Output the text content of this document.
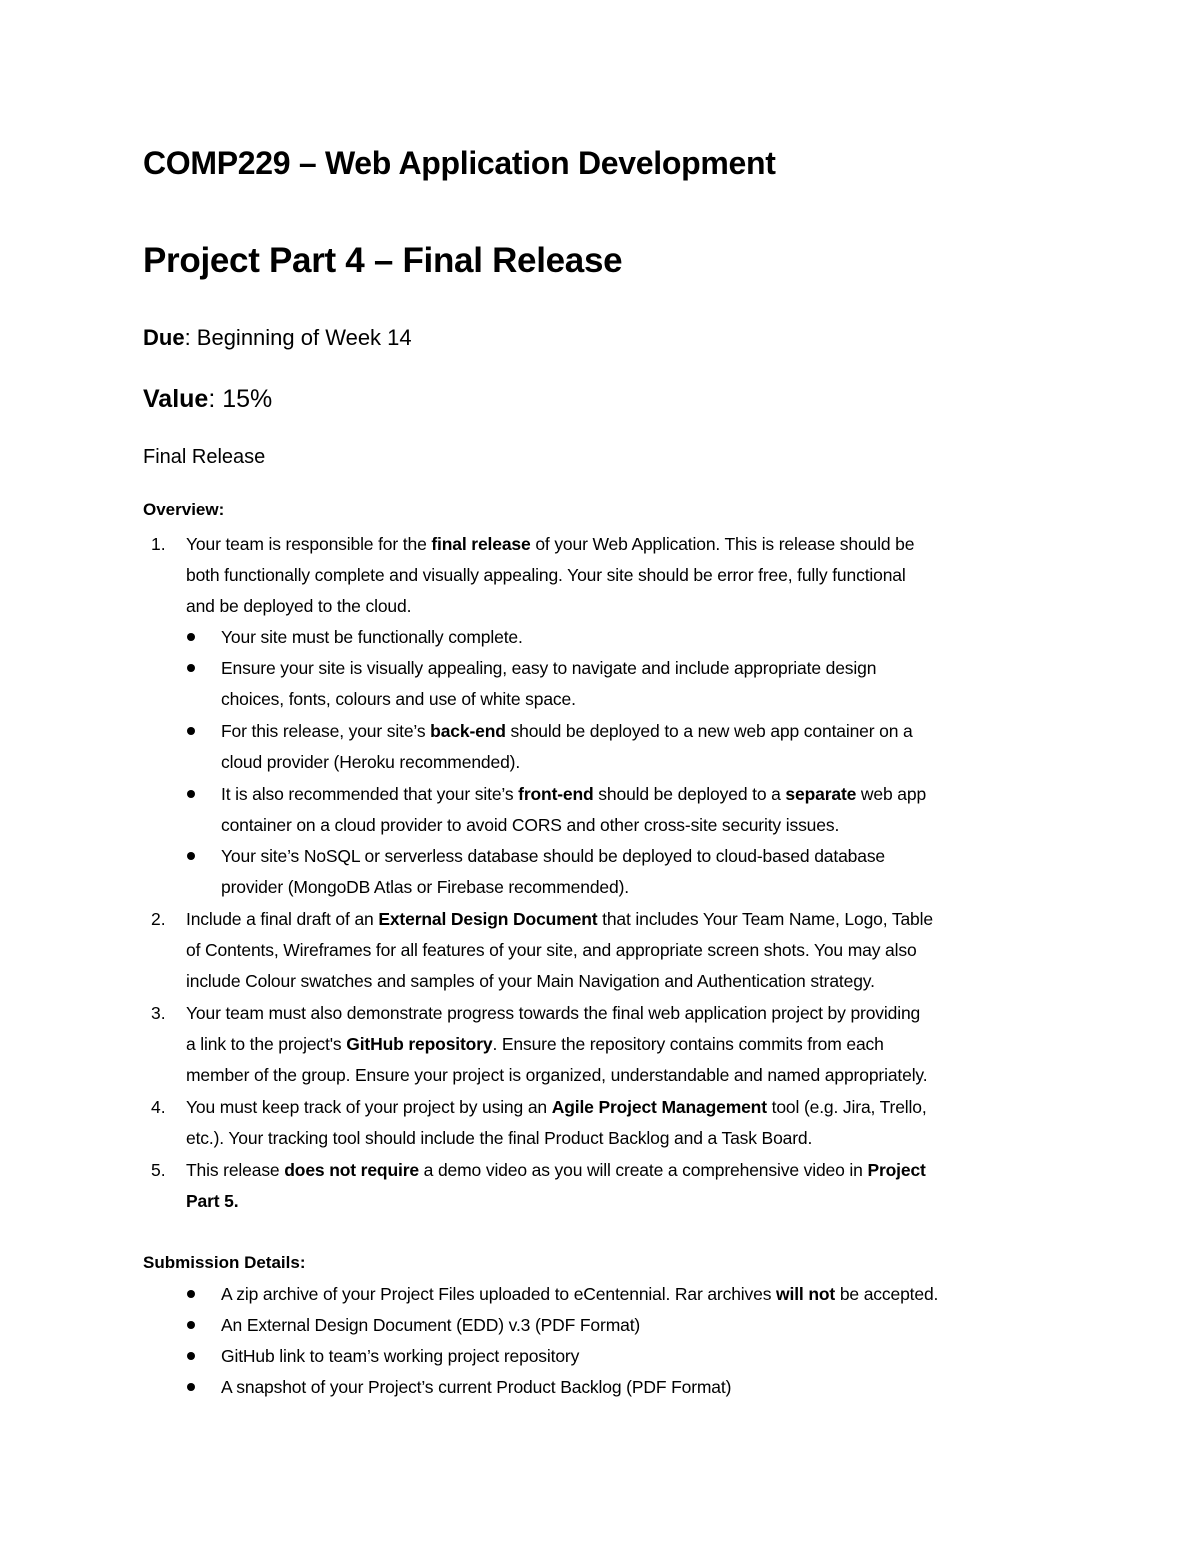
COMP229 – Web Application Development
Project Part 4 – Final Release
Due: Beginning of Week 14
Value: 15%
Final Release
Overview:
1. Your team is responsible for the final release of your Web Application. This is release should be
both functionally complete and visually appealing. Your site should be error free, fully functional
and be deployed to the cloud.
Your site must be functionally complete.
Ensure your site is visually appealing, easy to navigate and include appropriate design
choices, fonts, colours and use of white space.
For this release, your site’s back-end should be deployed to a new web app container on a
cloud provider (Heroku recommended).
It is also recommended that your site’s front-end should be deployed to a separate web app
container on a cloud provider to avoid CORS and other cross-site security issues.
Your site’s NoSQL or serverless database should be deployed to cloud-based database
provider (MongoDB Atlas or Firebase recommended).
2. Include a final draft of an External Design Document that includes Your Team Name, Logo, Table
of Contents, Wireframes for all features of your site, and appropriate screen shots. You may also
include Colour swatches and samples of your Main Navigation and Authentication strategy.
3. Your team must also demonstrate progress towards the final web application project by providing
a link to the project's GitHub repository. Ensure the repository contains commits from each
member of the group. Ensure your project is organized, understandable and named appropriately.
4. You must keep track of your project by using an Agile Project Management tool (e.g. Jira, Trello,
etc.). Your tracking tool should include the final Product Backlog and a Task Board.
5. This release does not require a demo video as you will create a comprehensive video in Project
Part 5.
Submission Details:
A zip archive of your Project Files uploaded to eCentennial. Rar archives will not be accepted.
An External Design Document (EDD) v.3 (PDF Format)
GitHub link to team’s working project repository
A snapshot of your Project’s current Product Backlog (PDF Format)
